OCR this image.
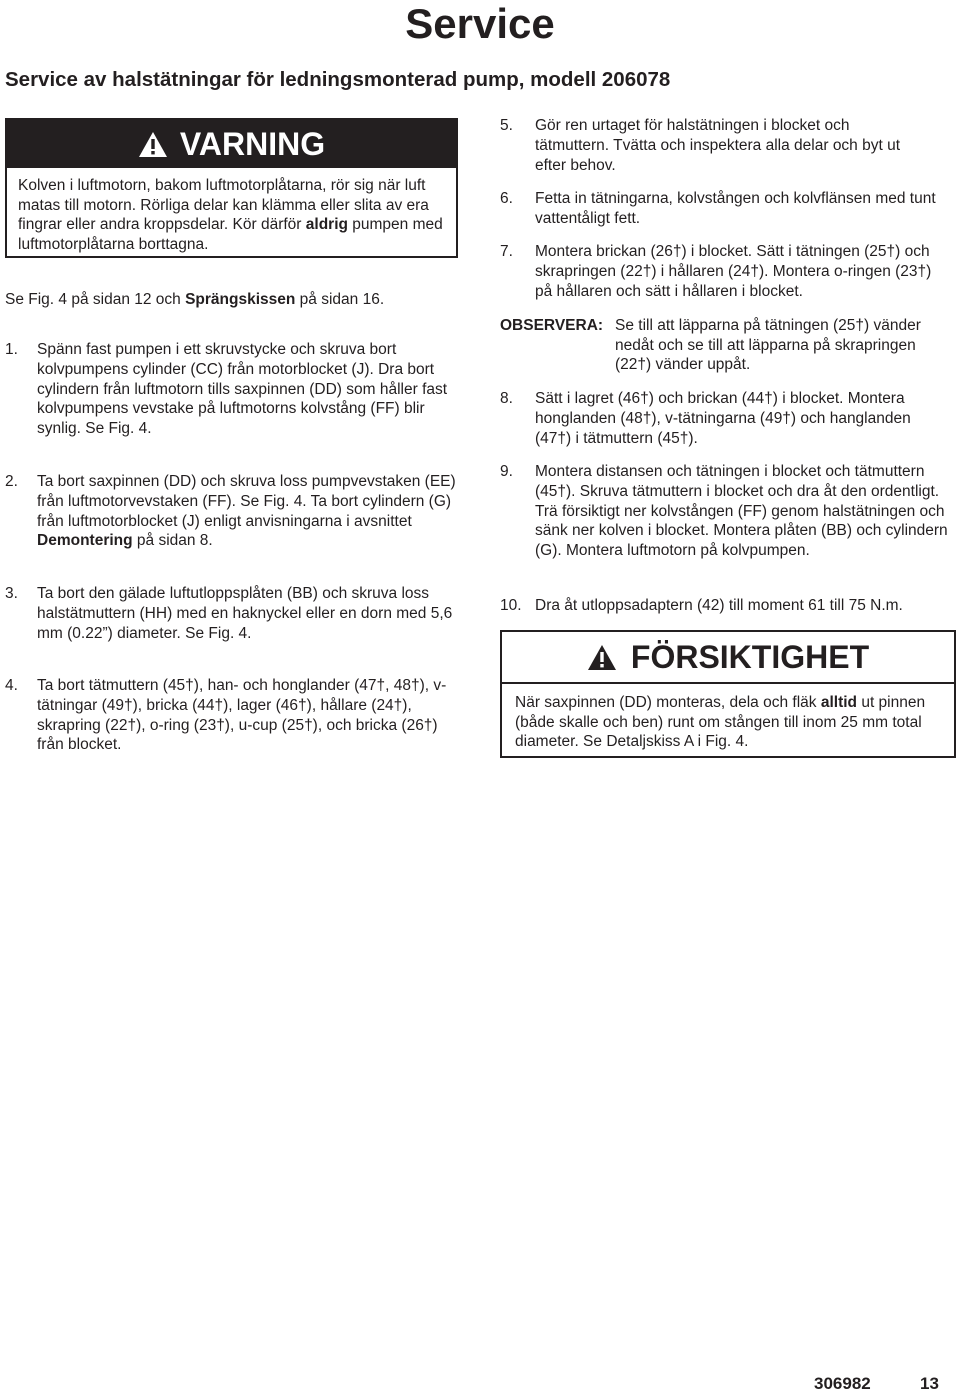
Service
Service av halstätningar för ledningsmonterad pump, modell 206078
VARNING
Kolven i luftmotorn, bakom luftmotorplåtarna, rör sig när luft matas till motorn. Rörliga delar kan klämma eller slita av era fingrar eller andra kroppsdelar. Kör därför aldrig pumpen med luftmotorplåtarna borttagna.
Se Fig. 4 på sidan 12 och Sprängskissen på sidan 16.
1. Spänn fast pumpen i ett skruvstycke och skruva bort kolvpumpens cylinder (CC) från motorblocket (J). Dra bort cylindern från luftmotorn tills saxpinnen (DD) som håller fast kolvpumpens vevstake på luftmotorns kolvstång (FF) blir synlig. Se Fig. 4.
2. Ta bort saxpinnen (DD) och skruva loss pumpvevstaken (EE) från luftmotorvevstaken (FF). Se Fig. 4. Ta bort cylindern (G) från luftmotorblocket (J) enligt anvisningarna i avsnittet Demontering på sidan 8.
3. Ta bort den gälade luftutloppsplåten (BB) och skruva loss halstätmuttern (HH) med en haknyckel eller en dorn med 5,6 mm (0.22”) diameter. Se Fig. 4.
4. Ta bort tätmuttern (45†), han- och honglander (47†, 48†), v-tätningar (49†), bricka (44†), lager (46†), hållare (24†), skrapring (22†), o-ring (23†), u-cup (25†), och bricka (26†) från blocket.
5. Gör ren urtaget för halstätningen i blocket och tätmuttern. Tvätta och inspektera alla delar och byt ut efter behov.
6. Fetta in tätningarna, kolvstången och kolvflänsen med tunt vattentåligt fett.
7. Montera brickan (26†) i blocket. Sätt i tätningen (25†) och skrapringen (22†) i hållaren (24†). Montera o-ringen (23†) på hållaren och sätt i hållaren i blocket.
OBSERVERA: Se till att läpparna på tätningen (25†) vänder nedåt och se till att läpparna på skrapringen (22†) vänder uppåt.
8. Sätt i lagret (46†) och brickan (44†) i blocket. Montera honglanden (48†), v-tätningarna (49†) och hanglanden (47†) i tätmuttern (45†).
9. Montera distansen och tätningen i blocket och tätmuttern (45†). Skruva tätmuttern i blocket och dra åt den ordentligt. Trä försiktigt ner kolvstången (FF) genom halstätningen och sänk ner kolven i blocket. Montera plåten (BB) och cylindern (G). Montera luftmotorn på kolvpumpen.
10. Dra åt utloppsadaptern (42) till moment 61 till 75 N.m.
FÖRSIKTIGHET
När saxpinnen (DD) monteras, dela och fläk alltid ut pinnen (både skalle och ben) runt om stången till inom 25 mm total diameter. Se Detaljskiss A i Fig. 4.
306982	13
